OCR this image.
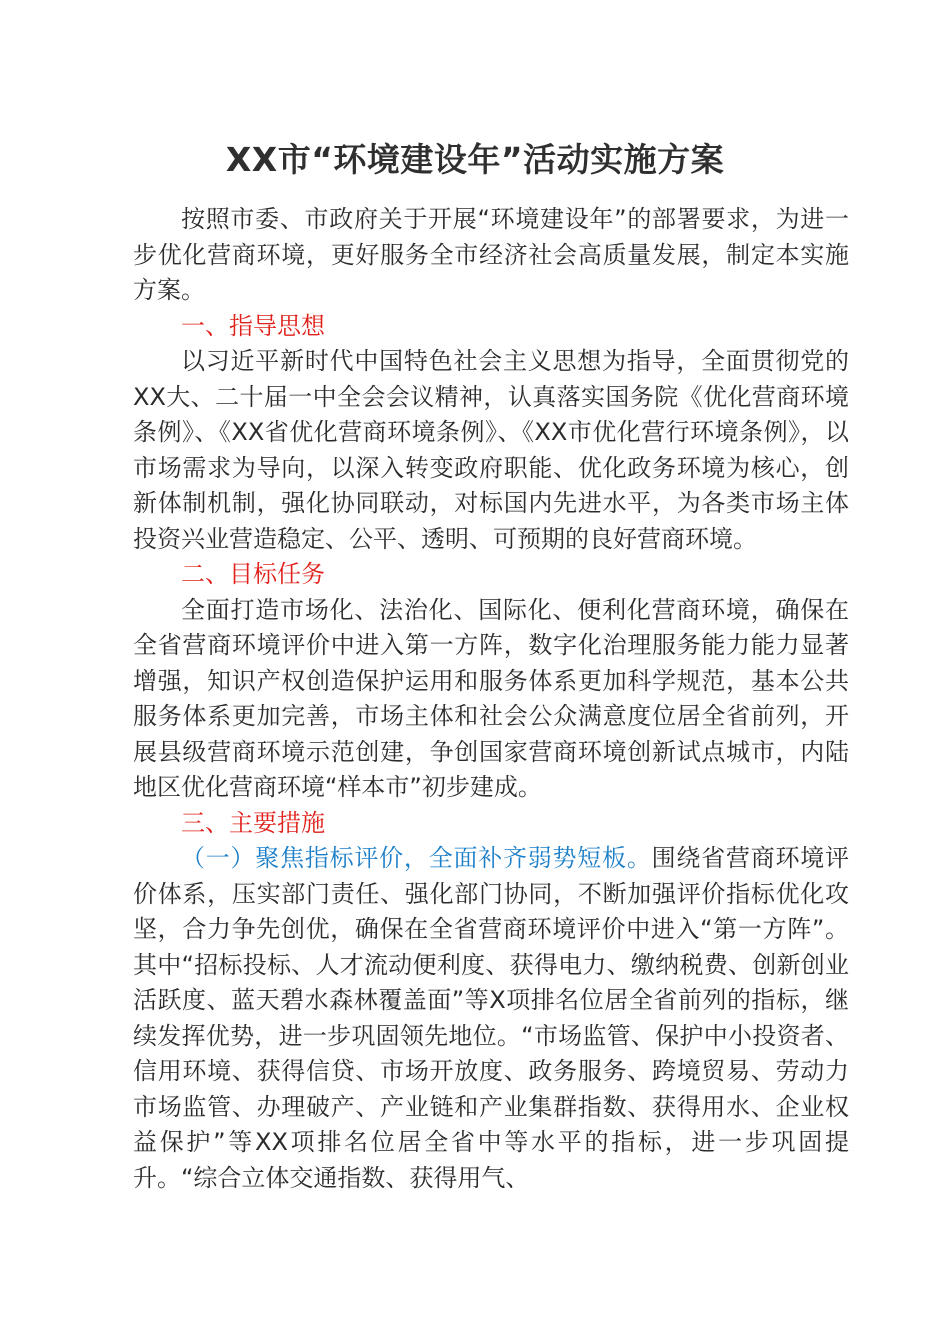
XX市“环境建设年”活动实施方案

按照市委、市政府关于开展“环境建设年”的部署要求，为进一步优化营商环境，更好服务全市经济社会高质量发展，制定本实施方案。

一、指导思想

以习近平新时代中国特色社会主义思想为指导，全面贯彻党的XX大、二十届一中全会会议精神，认真落实国务院《优化营商环境条例》、《XX省优化营商环境条例》、《XX市优化营行环境条例》，以市场需求为导向，以深入转变政府职能、优化政务环境为核心，创新体制机制，强化协同联动，对标国内先进水平，为各类市场主体投资兴业营造稳定、公平、透明、可预期的良好营商环境。

二、目标任务

全面打造市场化、法治化、国际化、便利化营商环境，确保在全省营商环境评价中进入第一方阵，数字化治理服务能力能力显著增强，知识产权创造保护运用和服务体系更加科学规范，基本公共服务体系更加完善，市场主体和社会公众满意度位居全省前列，开展县级营商环境示范创建，争创国家营商环境创新试点城市，内陆地区优化营商环境“样本市”初步建成。

三、主要措施

（一）聚焦指标评价，全面补齐弱势短板。围绕省营商环境评价体系，压实部门责任、强化部门协同，不断加强评价指标优化攻坚，合力争先创优，确保在全省营商环境评价中进入“第一方阵”。其中“招标投标、人才流动便利度、获得电力、缴纳税费、创新创业活跃度、蓝天碧水森林覆盖面”等X项排名位居全省前列的指标，继续发挥优势，进一步巩固领先地位。“市场监管、保护中小投资者、信用环境、获得信贷、市场开放度、政务服务、跨境贸易、劳动力市场监管、办理破产、产业链和产业集群指数、获得用水、企业权益保护”等XX项排名位居全省中等水平的指标，进一步巩固提升。“综合立体交通指数、获得用气、
